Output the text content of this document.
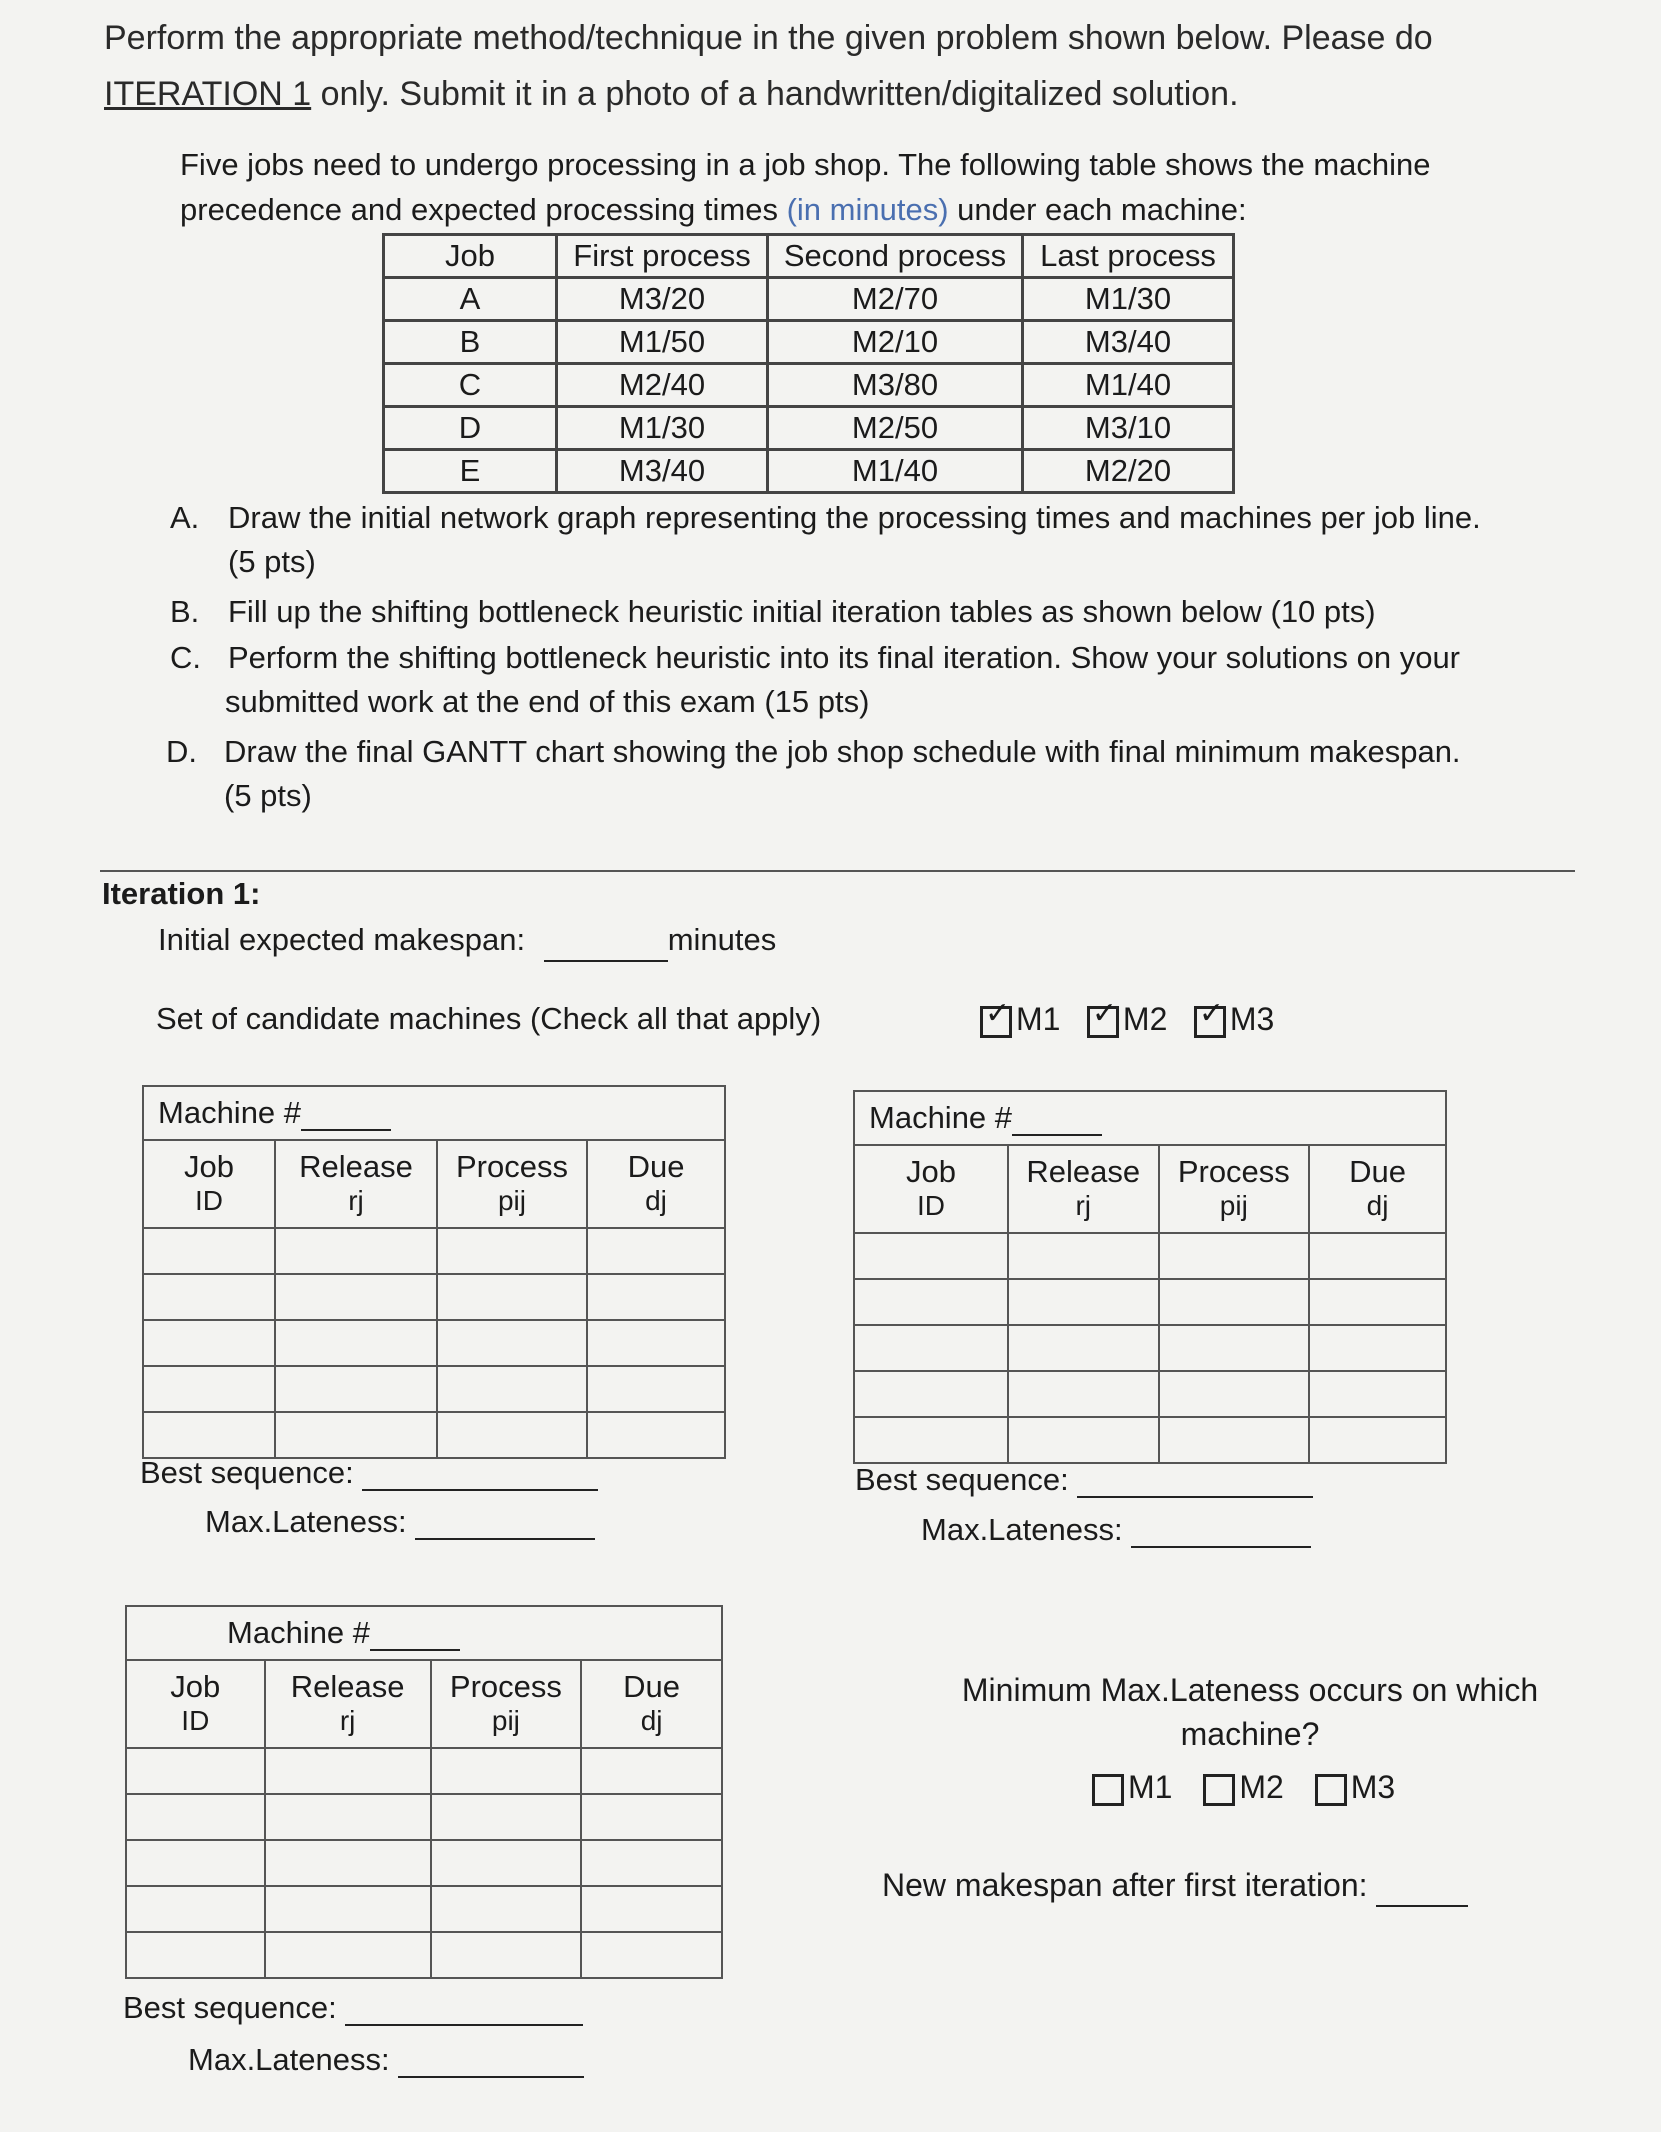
Perform the appropriate method/technique in the given problem shown below. Please do
ITERATION 1 only. Submit it in a photo of a handwritten/digitalized solution.
Five jobs need to undergo processing in a job shop. The following table shows the machine
precedence and expected processing times (in minutes) under each machine:
Job	First process	Second process	Last process
A	M3/20	M2/70	M1/30
B	M1/50	M2/10	M3/40
C	M2/40	M3/80	M1/40
D	M1/30	M2/50	M3/10
E	M3/40	M1/40	M2/20
A. Draw the initial network graph representing the processing times and machines per job line.
(5 pts)
B. Fill up the shifting bottleneck heuristic initial iteration tables as shown below (10 pts)
C. Perform the shifting bottleneck heuristic into its final iteration. Show your solutions on your
submitted work at the end of this exam (15 pts)
D. Draw the final GANTT chart showing the job shop schedule with final minimum makespan.
(5 pts)
Iteration 1:
Initial expected makespan:	minutes
Set of candidate machines (Check all that apply)	✓ M1 ✓ M2 ✓ M3
Machine #			
Job	Release	Process	Due
ID	rj	pij	dj

Best sequence:
Max.Lateness:
Machine #			
Job	Release	Process	Due
ID	rj	pij	dj

Best sequence:
Max.Lateness:
Machine #			
Job	Release	Process	Due
ID	rj	pij	dj

Best sequence:
Max.Lateness:
Minimum Max.Lateness occurs on which
machine?
M1 M2 M3
New makespan after first iteration:
